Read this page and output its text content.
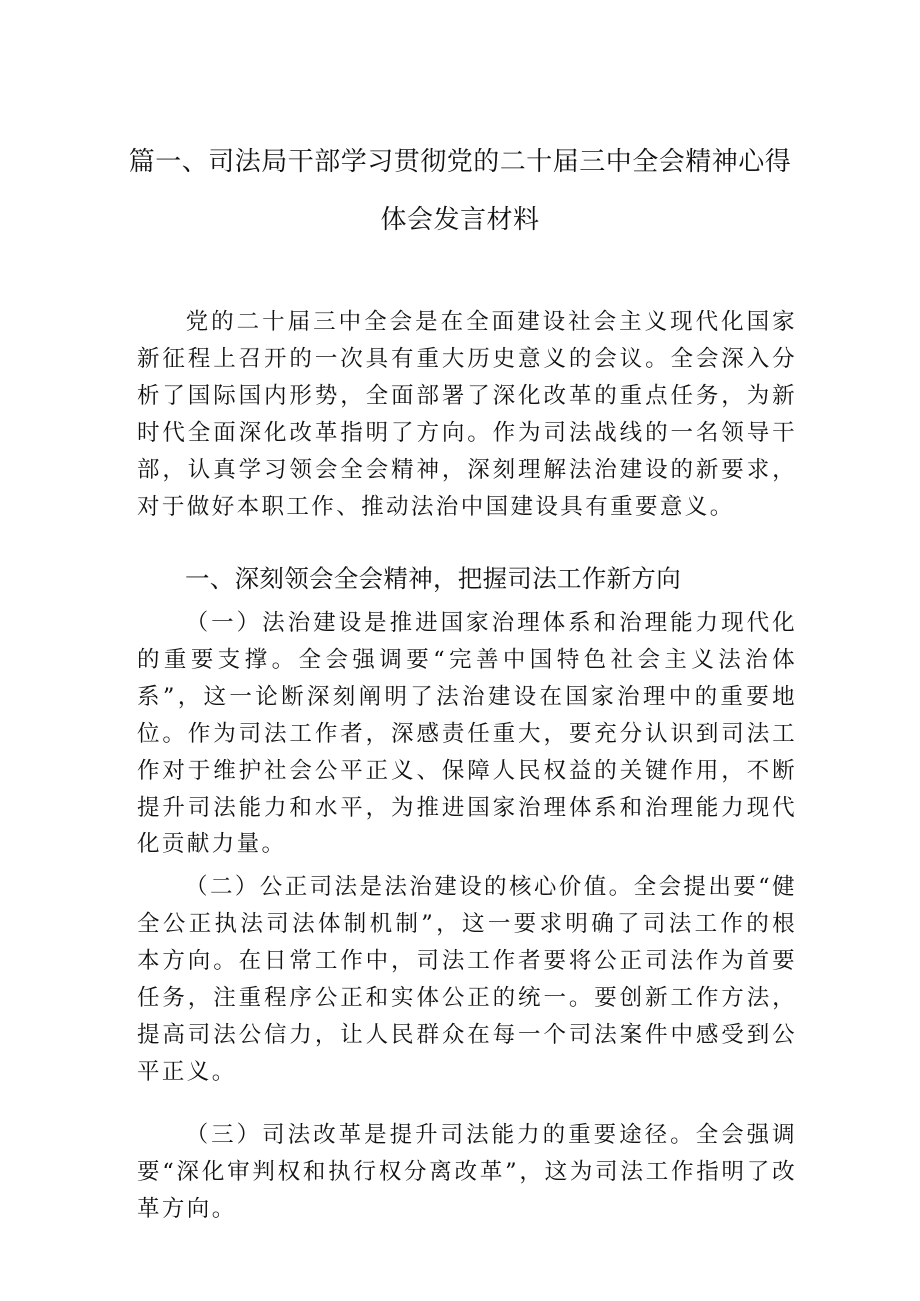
篇一、司法局干部学习贯彻党的二十届三中全会精神心得
体会发言材料

党的二十届三中全会是在全面建设社会主义现代化国家新征程上召开的一次具有重大历史意义的会议。全会深入分析了国际国内形势，全面部署了深化改革的重点任务，为新时代全面深化改革指明了方向。作为司法战线的一名领导干部，认真学习领会全会精神，深刻理解法治建设的新要求，对于做好本职工作、推动法治中国建设具有重要意义。

一、深刻领会全会精神，把握司法工作新方向

（一）法治建设是推进国家治理体系和治理能力现代化的重要支撑。全会强调要“完善中国特色社会主义法治体系”，这一论断深刻阐明了法治建设在国家治理中的重要地位。作为司法工作者，深感责任重大，要充分认识到司法工作对于维护社会公平正义、保障人民权益的关键作用，不断提升司法能力和水平，为推进国家治理体系和治理能力现代化贡献力量。

（二）公正司法是法治建设的核心价值。全会提出要“健全公正执法司法体制机制”，这一要求明确了司法工作的根本方向。在日常工作中，司法工作者要将公正司法作为首要任务，注重程序公正和实体公正的统一。要创新工作方法，提高司法公信力，让人民群众在每一个司法案件中感受到公平正义。

（三）司法改革是提升司法能力的重要途径。全会强调要“深化审判权和执行权分离改革”，这为司法工作指明了改革方向。
